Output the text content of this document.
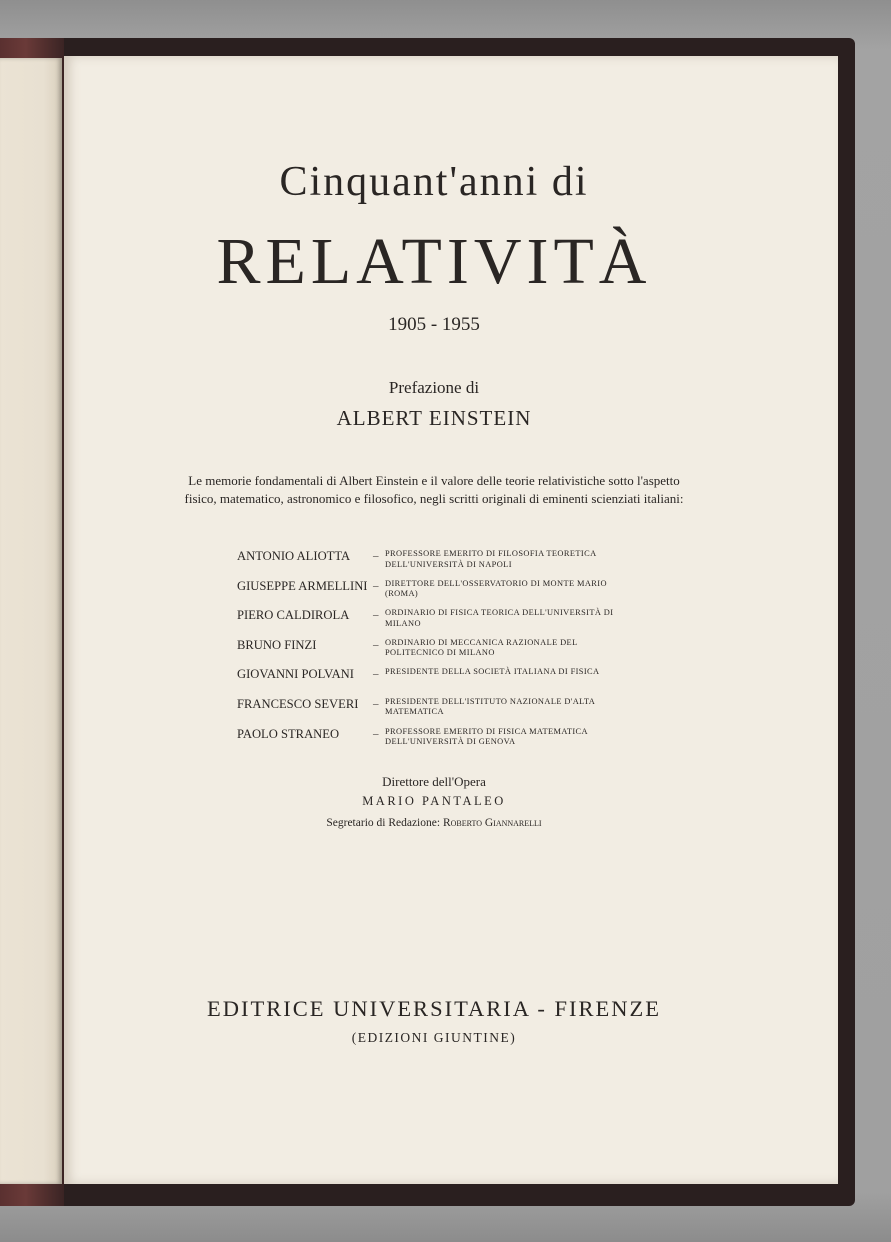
Cinquant'anni di
RELATIVITÀ
1905 - 1955
Prefazione di
ALBERT EINSTEIN
Le memorie fondamentali di Albert Einstein e il valore delle teorie relativistiche sotto l'aspetto fisico, matematico, astronomico e filosofico, negli scritti originali di eminenti scienziati italiani:
ANTONIO ALIOTTA	– PROFESSORE EMERITO DI FILOSOFIA TEORETICA DELL'UNIVERSITÀ DI NAPOLI
GIUSEPPE ARMELLINI – DIRETTORE DELL'OSSERVATORIO DI MONTE MARIO (ROMA)
PIERO CALDIROLA	– ORDINARIO DI FISICA TEORICA DELL'UNIVERSITÀ DI MILANO
BRUNO FINZI	– ORDINARIO DI MECCANICA RAZIONALE DEL POLITECNICO DI MILANO
GIOVANNI POLVANI	– PRESIDENTE DELLA SOCIETÀ ITALIANA DI FISICA
FRANCESCO SEVERI	– PRESIDENTE DELL'ISTITUTO NAZIONALE D'ALTA MATEMATICA
PAOLO STRANEO	– PROFESSORE EMERITO DI FISICA MATEMATICA DELL'UNIVERSITÀ DI GENOVA
Direttore dell'Opera
MARIO PANTALEO
Segretario di Redazione: Roberto Giannarelli
EDITRICE UNIVERSITARIA - FIRENZE
(EDIZIONI GIUNTINE)
